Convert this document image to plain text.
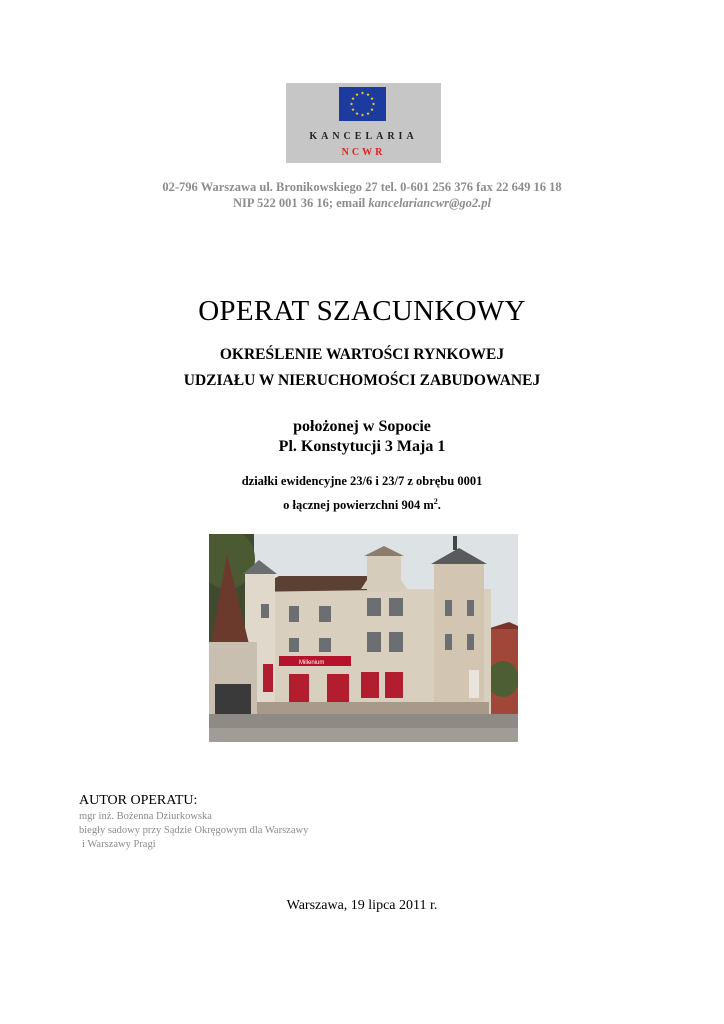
★ ★
★
★
★
★
★
★
★
★
★
★
KANCELARIA
NCWR
02-796 Warszawa ul. Bronikowskiego 27 tel. 0-601 256 376 fax 22 649 16 18
NIP 522 001 36 16; email kancelariancwr@go2.pl
OPERAT SZACUNKOWY
OKREŚLENIE WARTOŚCI RYNKOWEJ
UDZIAŁU W NIERUCHOMOŚCI ZABUDOWANEJ
położonej w Sopocie
Pl. Konstytucji 3 Maja 1
działki ewidencyjne 23/6 i 23/7 z obrębu 0001
o łącznej powierzchni 904 $m^2$.
Millenium
AUTOR OPERATU:
mgr inż. Bożenna Dziurkowska
biegły sadowy przy Sądzie Okręgowym dla Warszawy
i Warszawy Pragi
Warszawa, 19 lipca 2011 r.
